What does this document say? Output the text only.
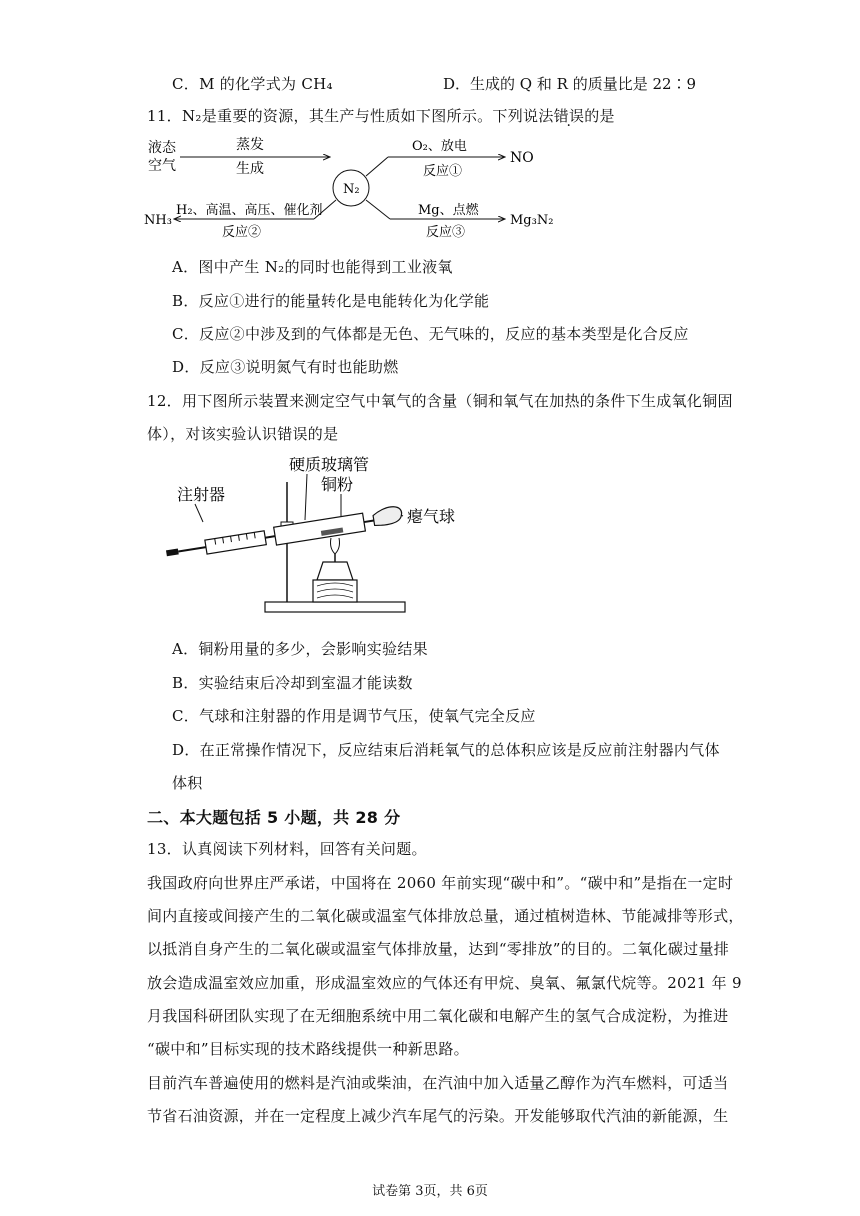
C．M 的化学式为 CH₄	D．生成的 Q 和 R 的质量比是 22∶9
11．N₂是重要的资源，其生产与性质如下图所示。下列说法错误的是
液态
空气
蒸发
生成
N₂
O₂、放电
反应①
NO
Mg、点燃
反应③
Mg₃N₂
H₂、高温、高压、催化剂
反应②
NH₃
A．图中产生 N₂的同时也能得到工业液氧
B．反应①进行的能量转化是电能转化为化学能
C．反应②中涉及到的气体都是无色、无气味的，反应的基本类型是化合反应
D．反应③说明氮气有时也能助燃
12．用下图所示装置来测定空气中氧气的含量（铜和氧气在加热的条件下生成氧化铜固
体），对该实验认识错误的是
硬质玻璃管
铜粉
注射器
瘪气球
A．铜粉用量的多少，会影响实验结果
B．实验结束后冷却到室温才能读数
C．气球和注射器的作用是调节气压，使氧气完全反应
D．在正常操作情况下，反应结束后消耗氧气的总体积应该是反应前注射器内气体
体积
二、本大题包括 5 小题，共 28 分
13．认真阅读下列材料，回答有关问题。
我国政府向世界庄严承诺，中国将在 2060 年前实现“碳中和”。“碳中和”是指在一定时
间内直接或间接产生的二氧化碳或温室气体排放总量，通过植树造林、节能减排等形式，
以抵消自身产生的二氧化碳或温室气体排放量，达到“零排放”的目的。二氧化碳过量排
放会造成温室效应加重，形成温室效应的气体还有甲烷、臭氧、氟氯代烷等。2021 年 9
月我国科研团队实现了在无细胞系统中用二氧化碳和电解产生的氢气合成淀粉，为推进
“碳中和”目标实现的技术路线提供一种新思路。
目前汽车普遍使用的燃料是汽油或柴油，在汽油中加入适量乙醇作为汽车燃料，可适当
节省石油资源，并在一定程度上减少汽车尾气的污染。开发能够取代汽油的新能源，生
试卷第 3页，共 6页
